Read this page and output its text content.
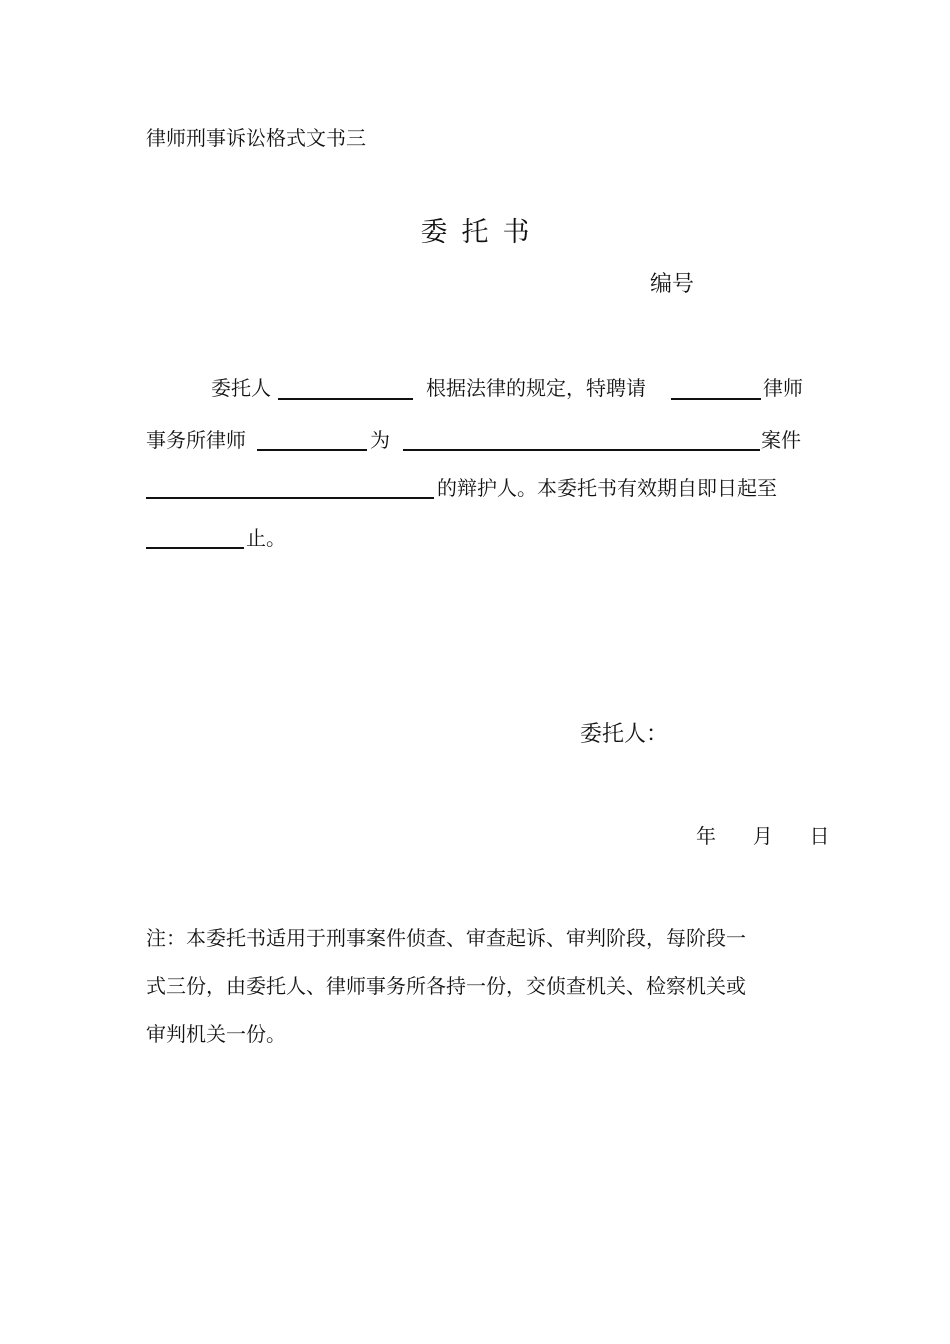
律师刑事诉讼格式文书三
委托书
编号
委托人	根据法律的规定，特聘请	律师
事务所律师	为	案件
的辩护人。本委托书有效期自即日起至
止。
委托人：
年 月 日
注：本委托书适用于刑事案件侦查、审查起诉、审判阶段，每阶段一
式三份，由委托人、律师事务所各持一份，交侦查机关、检察机关或
审判机关一份。
